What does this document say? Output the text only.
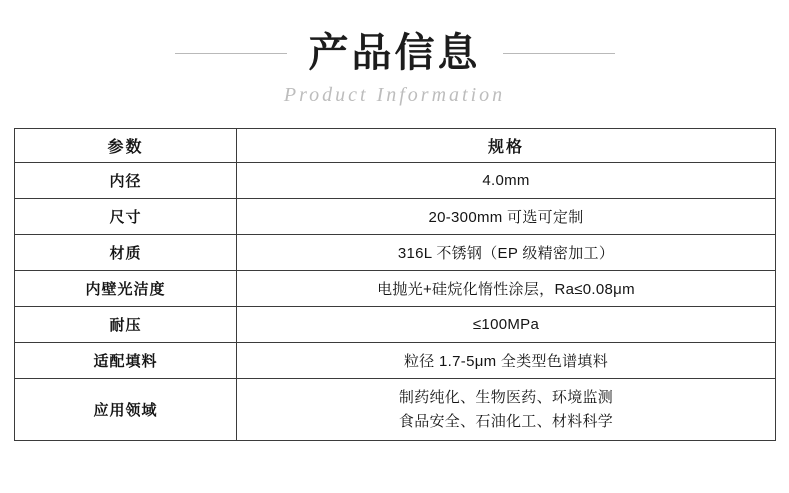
产品信息
Product Information
参数	规格
内径	4.0mm
尺寸	20-300mm 可选可定制
材质	316L 不锈钢（EP 级精密加工）
内壁光洁度	电抛光+硅烷化惰性涂层，Ra≤0.08μm
耐压	≤100MPa
适配填料	粒径 1.7-5μm 全类型色谱填料
应用领域	制药纯化、生物医药、环境监测
食品安全、石油化工、材料科学
